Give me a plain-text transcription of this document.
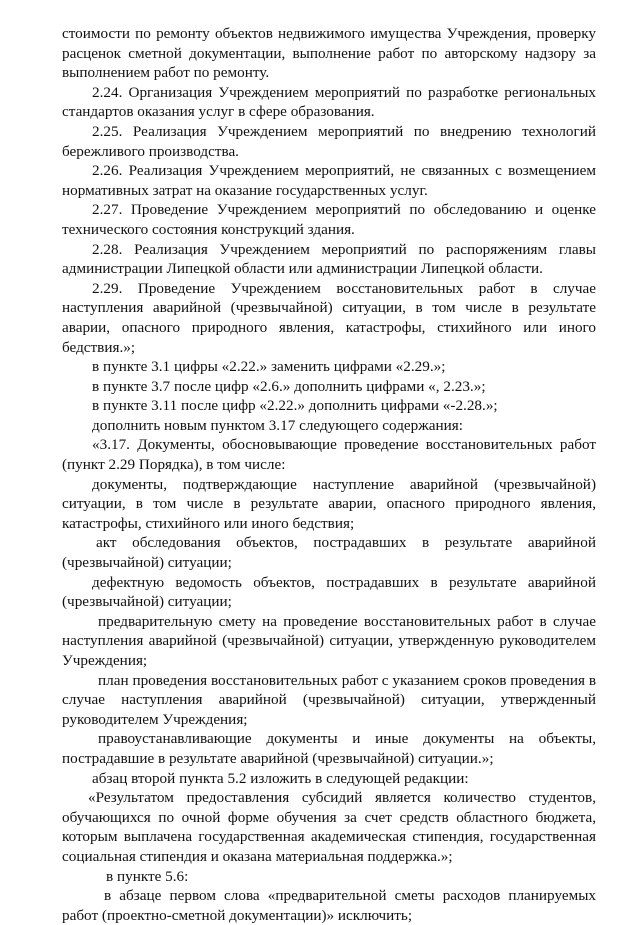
стоимости по ремонту объектов недвижимого имущества Учреждения, проверку расценок сметной документации, выполнение работ по авторскому надзору за выполнением работ по ремонту.

2.24. Организация Учреждением мероприятий по разработке региональных стандартов оказания услуг в сфере образования.

2.25. Реализация Учреждением мероприятий по внедрению технологий бережливого производства.

2.26. Реализация Учреждением мероприятий, не связанных с возмещением нормативных затрат на оказание государственных услуг.

2.27. Проведение Учреждением мероприятий по обследованию и оценке технического состояния конструкций здания.

2.28. Реализация Учреждением мероприятий по распоряжениям главы администрации Липецкой области или администрации Липецкой области.

2.29. Проведение Учреждением восстановительных работ в случае наступления аварийной (чрезвычайной) ситуации, в том числе в результате аварии, опасного природного явления, катастрофы, стихийного или иного бедствия.»;

в пункте 3.1 цифры «2.22.» заменить цифрами «2.29.»;

в пункте 3.7 после цифр «2.6.» дополнить цифрами «, 2.23.»;

в пункте 3.11 после цифр «2.22.» дополнить цифрами «-2.28.»;

дополнить новым пунктом 3.17 следующего содержания:

«3.17. Документы, обосновывающие проведение восстановительных работ (пункт 2.29 Порядка), в том числе:

документы, подтверждающие наступление аварийной (чрезвычайной) ситуации, в том числе в результате аварии, опасного природного явления, катастрофы, стихийного или иного бедствия;

акт обследования объектов, пострадавших в результате аварийной (чрезвычайной) ситуации;

дефектную ведомость объектов, пострадавших в результате аварийной (чрезвычайной) ситуации;

предварительную смету на проведение восстановительных работ в случае наступления аварийной (чрезвычайной) ситуации, утвержденную руководителем Учреждения;

план проведения восстановительных работ с указанием сроков проведения в случае наступления аварийной (чрезвычайной) ситуации, утвержденный руководителем Учреждения;

правоустанавливающие документы и иные документы на объекты, пострадавшие в результате аварийной (чрезвычайной) ситуации.»;

абзац второй пункта 5.2 изложить в следующей редакции:

«Результатом предоставления субсидий является количество студентов, обучающихся по очной форме обучения за счет средств областного бюджета, которым выплачена государственная академическая стипендия, государственная социальная стипендия и оказана материальная поддержка.»;

в пункте 5.6:

в абзаце первом слова «предварительной сметы расходов планируемых работ (проектно-сметной документации)» исключить;
